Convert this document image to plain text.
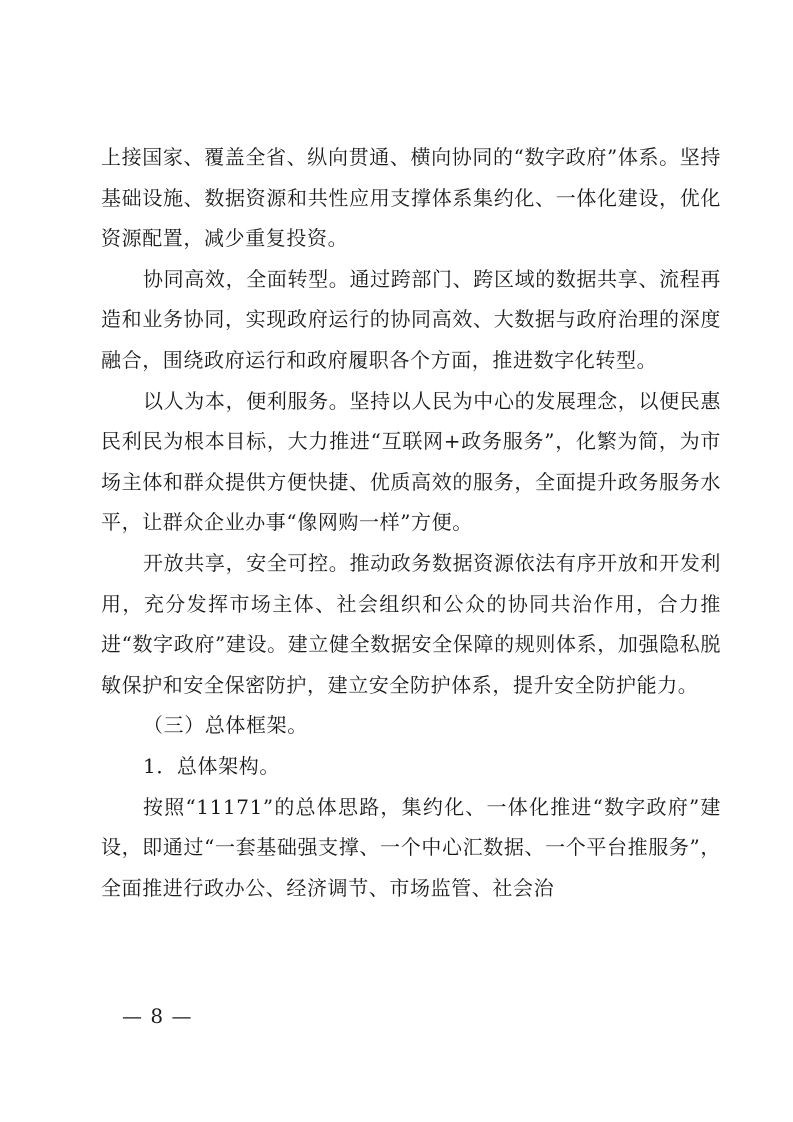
上接国家、覆盖全省、纵向贯通、横向协同的“数字政府”体系。坚持基础设施、数据资源和共性应用支撑体系集约化、一体化建设，优化资源配置，减少重复投资。

协同高效，全面转型。通过跨部门、跨区域的数据共享、流程再造和业务协同，实现政府运行的协同高效、大数据与政府治理的深度融合，围绕政府运行和政府履职各个方面，推进数字化转型。

以人为本，便利服务。坚持以人民为中心的发展理念，以便民惠民利民为根本目标，大力推进“互联网+政务服务”，化繁为简，为市场主体和群众提供方便快捷、优质高效的服务，全面提升政务服务水平，让群众企业办事“像网购一样”方便。

开放共享，安全可控。推动政务数据资源依法有序开放和开发利用，充分发挥市场主体、社会组织和公众的协同共治作用，合力推进“数字政府”建设。建立健全数据安全保障的规则体系，加强隐私脱敏保护和安全保密防护，建立安全防护体系，提升安全防护能力。

（三）总体框架。

1．总体架构。

按照“11171”的总体思路，集约化、一体化推进“数字政府”建设，即通过“一套基础强支撑、一个中心汇数据、一个平台推服务”，全面推进行政办公、经济调节、市场监管、社会治

— 8 —
